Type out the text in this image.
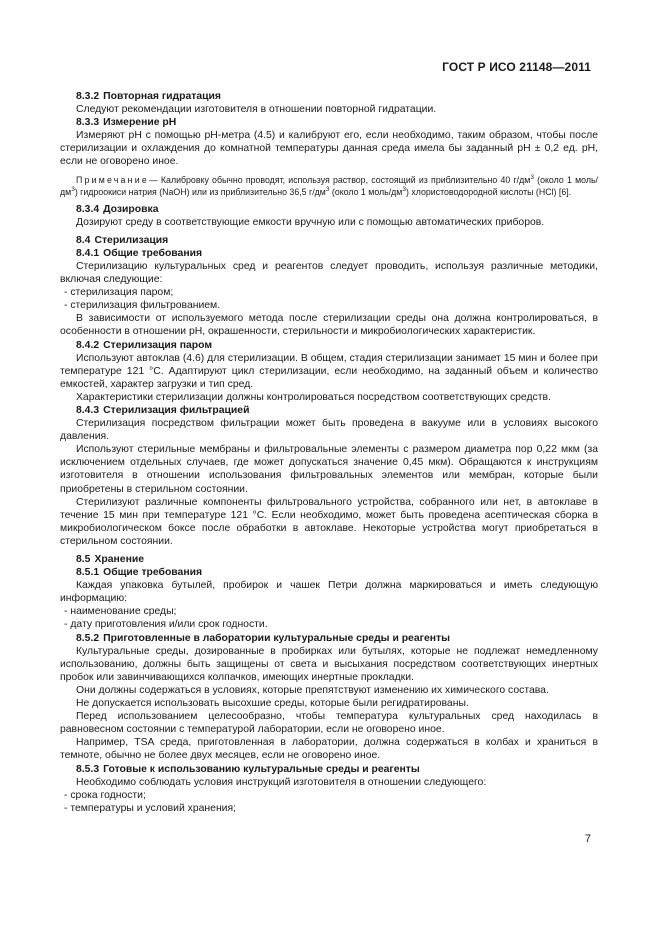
ГОСТ Р ИСО 21148—2011

8.3.2 Повторная гидратация

Следуют рекомендации изготовителя в отношении повторной гидратации.

8.3.3 Измерение pH

Измеряют pH с помощью pH-метра (4.5) и калибруют его, если необходимо, таким образом, чтобы после стерилизации и охлаждения до комнатной температуры данная среда имела бы заданный pH ± 0,2 ед. pH, если не оговорено иное.

Примечание— Калибровку обычно проводят, используя раствор, состоящий из приблизительно 40 $г/дм^3$ (около 1 моль/$дм^3$) гидроокиси натрия (NaOH) или из приблизительно 36,5 $г/дм^3$ (около 1 моль/$дм^3$) хлористоводородной кислоты (HCl) [6].

8.3.4 Дозировка

Дозируют среду в соответствующие емкости вручную или с помощью автоматических приборов.

8.4 Стерилизация

8.4.1 Общие требования

Стерилизацию культуральных сред и реагентов следует проводить, используя различные методики, включая следующие:

- стерилизация паром;

- стерилизация фильтрованием.

В зависимости от используемого метода после стерилизации среды она должна контролироваться, в особенности в отношении pH, окрашенности, стерильности и микробиологических характеристик.

8.4.2 Стерилизация паром

Используют автоклав (4.6) для стерилизации. В общем, стадия стерилизации занимает 15 мин и более при температуре 121 °С. Адаптируют цикл стерилизации, если необходимо, на заданный объем и количество емкостей, характер загрузки и тип сред.

Характеристики стерилизации должны контролироваться посредством соответствующих средств.

8.4.3 Стерилизация фильтрацией

Стерилизация посредством фильтрации может быть проведена в вакууме или в условиях высокого давления.

Используют стерильные мембраны и фильтровальные элементы с размером диаметра пор 0,22 мкм (за исключением отдельных случаев, где может допускаться значение 0,45 мкм). Обращаются к инструкциям изготовителя в отношении использования фильтровальных элементов или мембран, которые были приобретены в стерильном состоянии.

Стерилизуют различные компоненты фильтровального устройства, собранного или нет, в автоклаве в течение 15 мин при температуре 121 °С. Если необходимо, может быть проведена асептическая сборка в микробиологическом боксе после обработки в автоклаве. Некоторые устройства могут приобретаться в стерильном состоянии.

8.5 Хранение

8.5.1 Общие требования

Каждая упаковка бутылей, пробирок и чашек Петри должна маркироваться и иметь следующую информацию:

- наименование среды;

- дату приготовления и/или срок годности.

8.5.2 Приготовленные в лаборатории культуральные среды и реагенты

Культуральные среды, дозированные в пробирках или бутылях, которые не подлежат немедленному использованию, должны быть защищены от света и высыхания посредством соответствующих инертных пробок или завинчивающихся колпачков, имеющих инертные прокладки.

Они должны содержаться в условиях, которые препятствуют изменению их химического состава.

Не допускается использовать высохшие среды, которые были регидратированы.

Перед использованием целесообразно, чтобы температура культуральных сред находилась в равновесном состоянии с температурой лаборатории, если не оговорено иное.

Например, TSA среда, приготовленная в лаборатории, должна содержаться в колбах и храниться в темноте, обычно не более двух месяцев, если не оговорено иное.

8.5.3 Готовые к использованию культуральные среды и реагенты

Необходимо соблюдать условия инструкций изготовителя в отношении следующего:

- срока годности;

- температуры и условий хранения;

7
